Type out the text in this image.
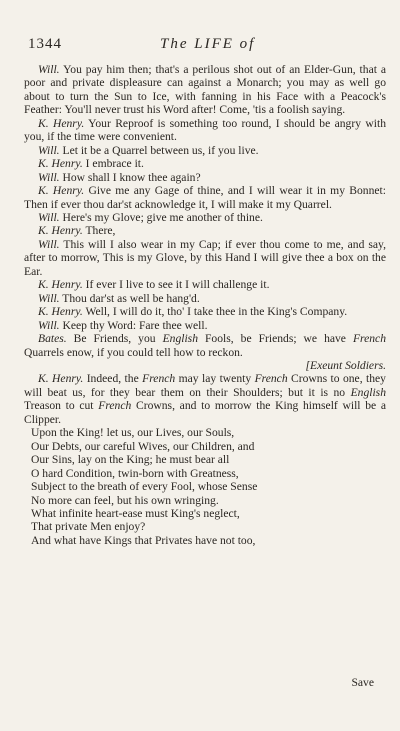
1344	The LIFE of

Will. You pay him then; that's a perilous shot out of an Elder-Gun, that a poor and private displeasure can against a Monarch; you may as well go about to turn the Sun to Ice, with fanning in his Face with a Peacock's Feather: You'll never trust his Word after! Come, 'tis a foolish saying.

K. Henry. Your Reproof is something too round, I should be angry with you, if the time were convenient.

Will. Let it be a Quarrel between us, if you live.

K. Henry. I embrace it.

Will. How shall I know thee again?

K. Henry. Give me any Gage of thine, and I will wear it in my Bonnet: Then if ever thou dar'st acknowledge it, I will make it my Quarrel.

Will. Here's my Glove; give me another of thine.

K. Henry. There,

Will. This will I also wear in my Cap; if ever thou come to me, and say, after to morrow, This is my Glove, by this Hand I will give thee a box on the Ear.

K. Henry. If ever I live to see it I will challenge it.

Will. Thou dar'st as well be hang'd.

K. Henry. Well, I will do it, tho' I take thee in the King's Company.

Will. Keep thy Word: Fare thee well.

Bates. Be Friends, you English Fools, be Friends; we have French Quarrels enow, if you could tell how to reckon.

[Exeunt Soldiers.

K. Henry. Indeed, the French may lay twenty French Crowns to one, they will beat us, for they bear them on their Shoulders; but it is no English Treason to cut French Crowns, and to morrow the King himself will be a Clipper.

Upon the King! let us, our Lives, our Souls,
Our Debts, our careful Wives, our Children, and
Our Sins, lay on the King; he must bear all
O hard Condition, twin-born with Greatness,
Subject to the breath of every Fool, whose Sense
No more can feel, but his own wringing.
What infinite heart-ease must King's neglect,
That private Men enjoy?
And what have Kings that Privates have not too,
Save
